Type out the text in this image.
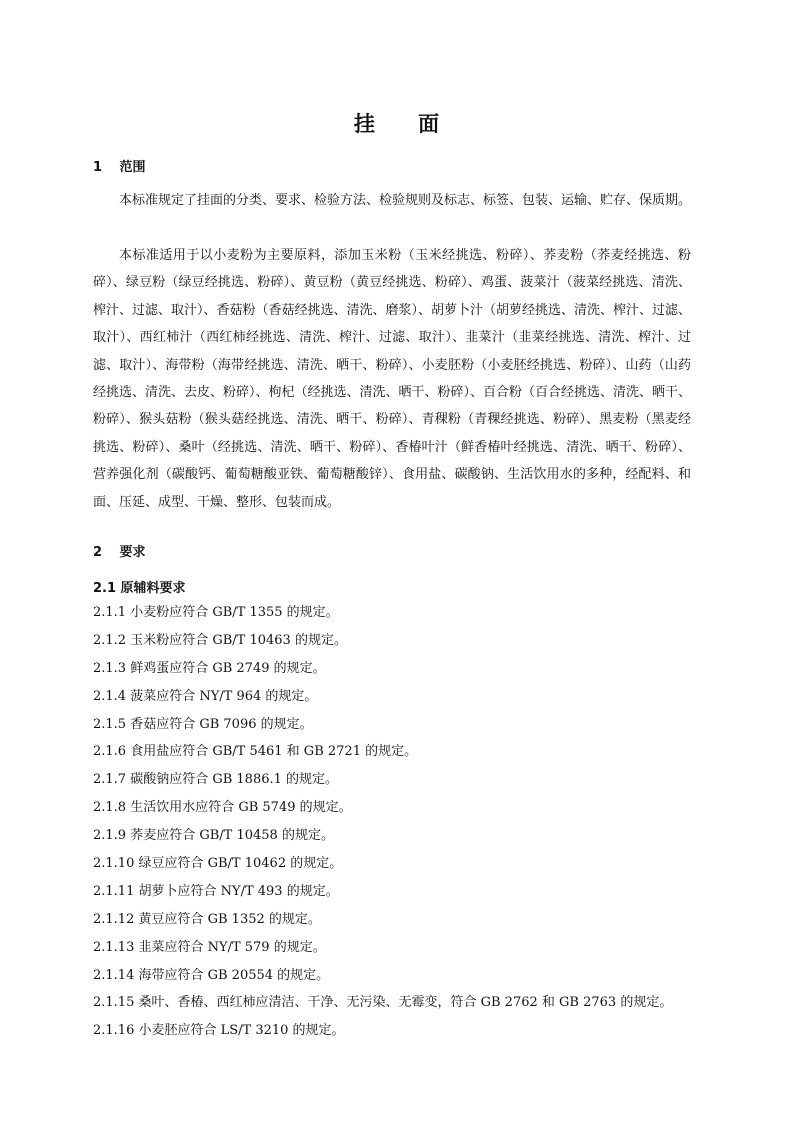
挂 面
1 范围

本标准规定了挂面的分类、要求、检验方法、检验规则及标志、标签、包装、运输、贮存、保质期。

本标准适用于以小麦粉为主要原料，添加玉米粉（玉米经挑选、粉碎）、荞麦粉（荞麦经挑选、粉碎）、绿豆粉（绿豆经挑选、粉碎）、黄豆粉（黄豆经挑选、粉碎）、鸡蛋、菠菜汁（菠菜经挑选、清洗、榨汁、过滤、取汁）、香菇粉（香菇经挑选、清洗、磨浆）、胡萝卜汁（胡萝经挑选、清洗、榨汁、过滤、取汁）、西红柿汁（西红柿经挑选、清洗、榨汁、过滤、取汁）、韭菜汁（韭菜经挑选、清洗、榨汁、过滤、取汁）、海带粉（海带经挑选、清洗、晒干、粉碎）、小麦胚粉（小麦胚经挑选、粉碎）、山药（山药经挑选、清洗、去皮、粉碎）、枸杞（经挑选、清洗、晒干、粉碎）、百合粉（百合经挑选、清洗、晒干、粉碎）、猴头菇粉（猴头菇经挑选、清洗、晒干、粉碎）、青稞粉（青稞经挑选、粉碎）、黑麦粉（黑麦经挑选、粉碎）、桑叶（经挑选、清洗、晒干、粉碎）、香椿叶汁（鲜香椿叶经挑选、清洗、晒干、粉碎）、营养强化剂（碳酸钙、葡萄糖酸亚铁、葡萄糖酸锌）、食用盐、碳酸钠、生活饮用水的多种，经配料、和面、压延、成型、干燥、整形、包装而成。

2 要求
2.1 原辅料要求
2.1.1 小麦粉应符合 GB/T 1355 的规定。
2.1.2 玉米粉应符合 GB/T 10463 的规定。
2.1.3 鲜鸡蛋应符合 GB 2749 的规定。
2.1.4 菠菜应符合 NY/T 964 的规定。
2.1.5 香菇应符合 GB 7096 的规定。
2.1.6 食用盐应符合 GB/T 5461 和 GB 2721 的规定。
2.1.7 碳酸钠应符合 GB 1886.1 的规定。
2.1.8 生活饮用水应符合 GB 5749 的规定。
2.1.9 荞麦应符合 GB/T 10458 的规定。
2.1.10 绿豆应符合 GB/T 10462 的规定。
2.1.11 胡萝卜应符合 NY/T 493 的规定。
2.1.12 黄豆应符合 GB 1352 的规定。
2.1.13 韭菜应符合 NY/T 579 的规定。
2.1.14 海带应符合 GB 20554 的规定。
2.1.15 桑叶、香椿、西红柿应清洁、干净、无污染、无霉变，符合 GB 2762 和 GB 2763 的规定。
2.1.16 小麦胚应符合 LS/T 3210 的规定。
